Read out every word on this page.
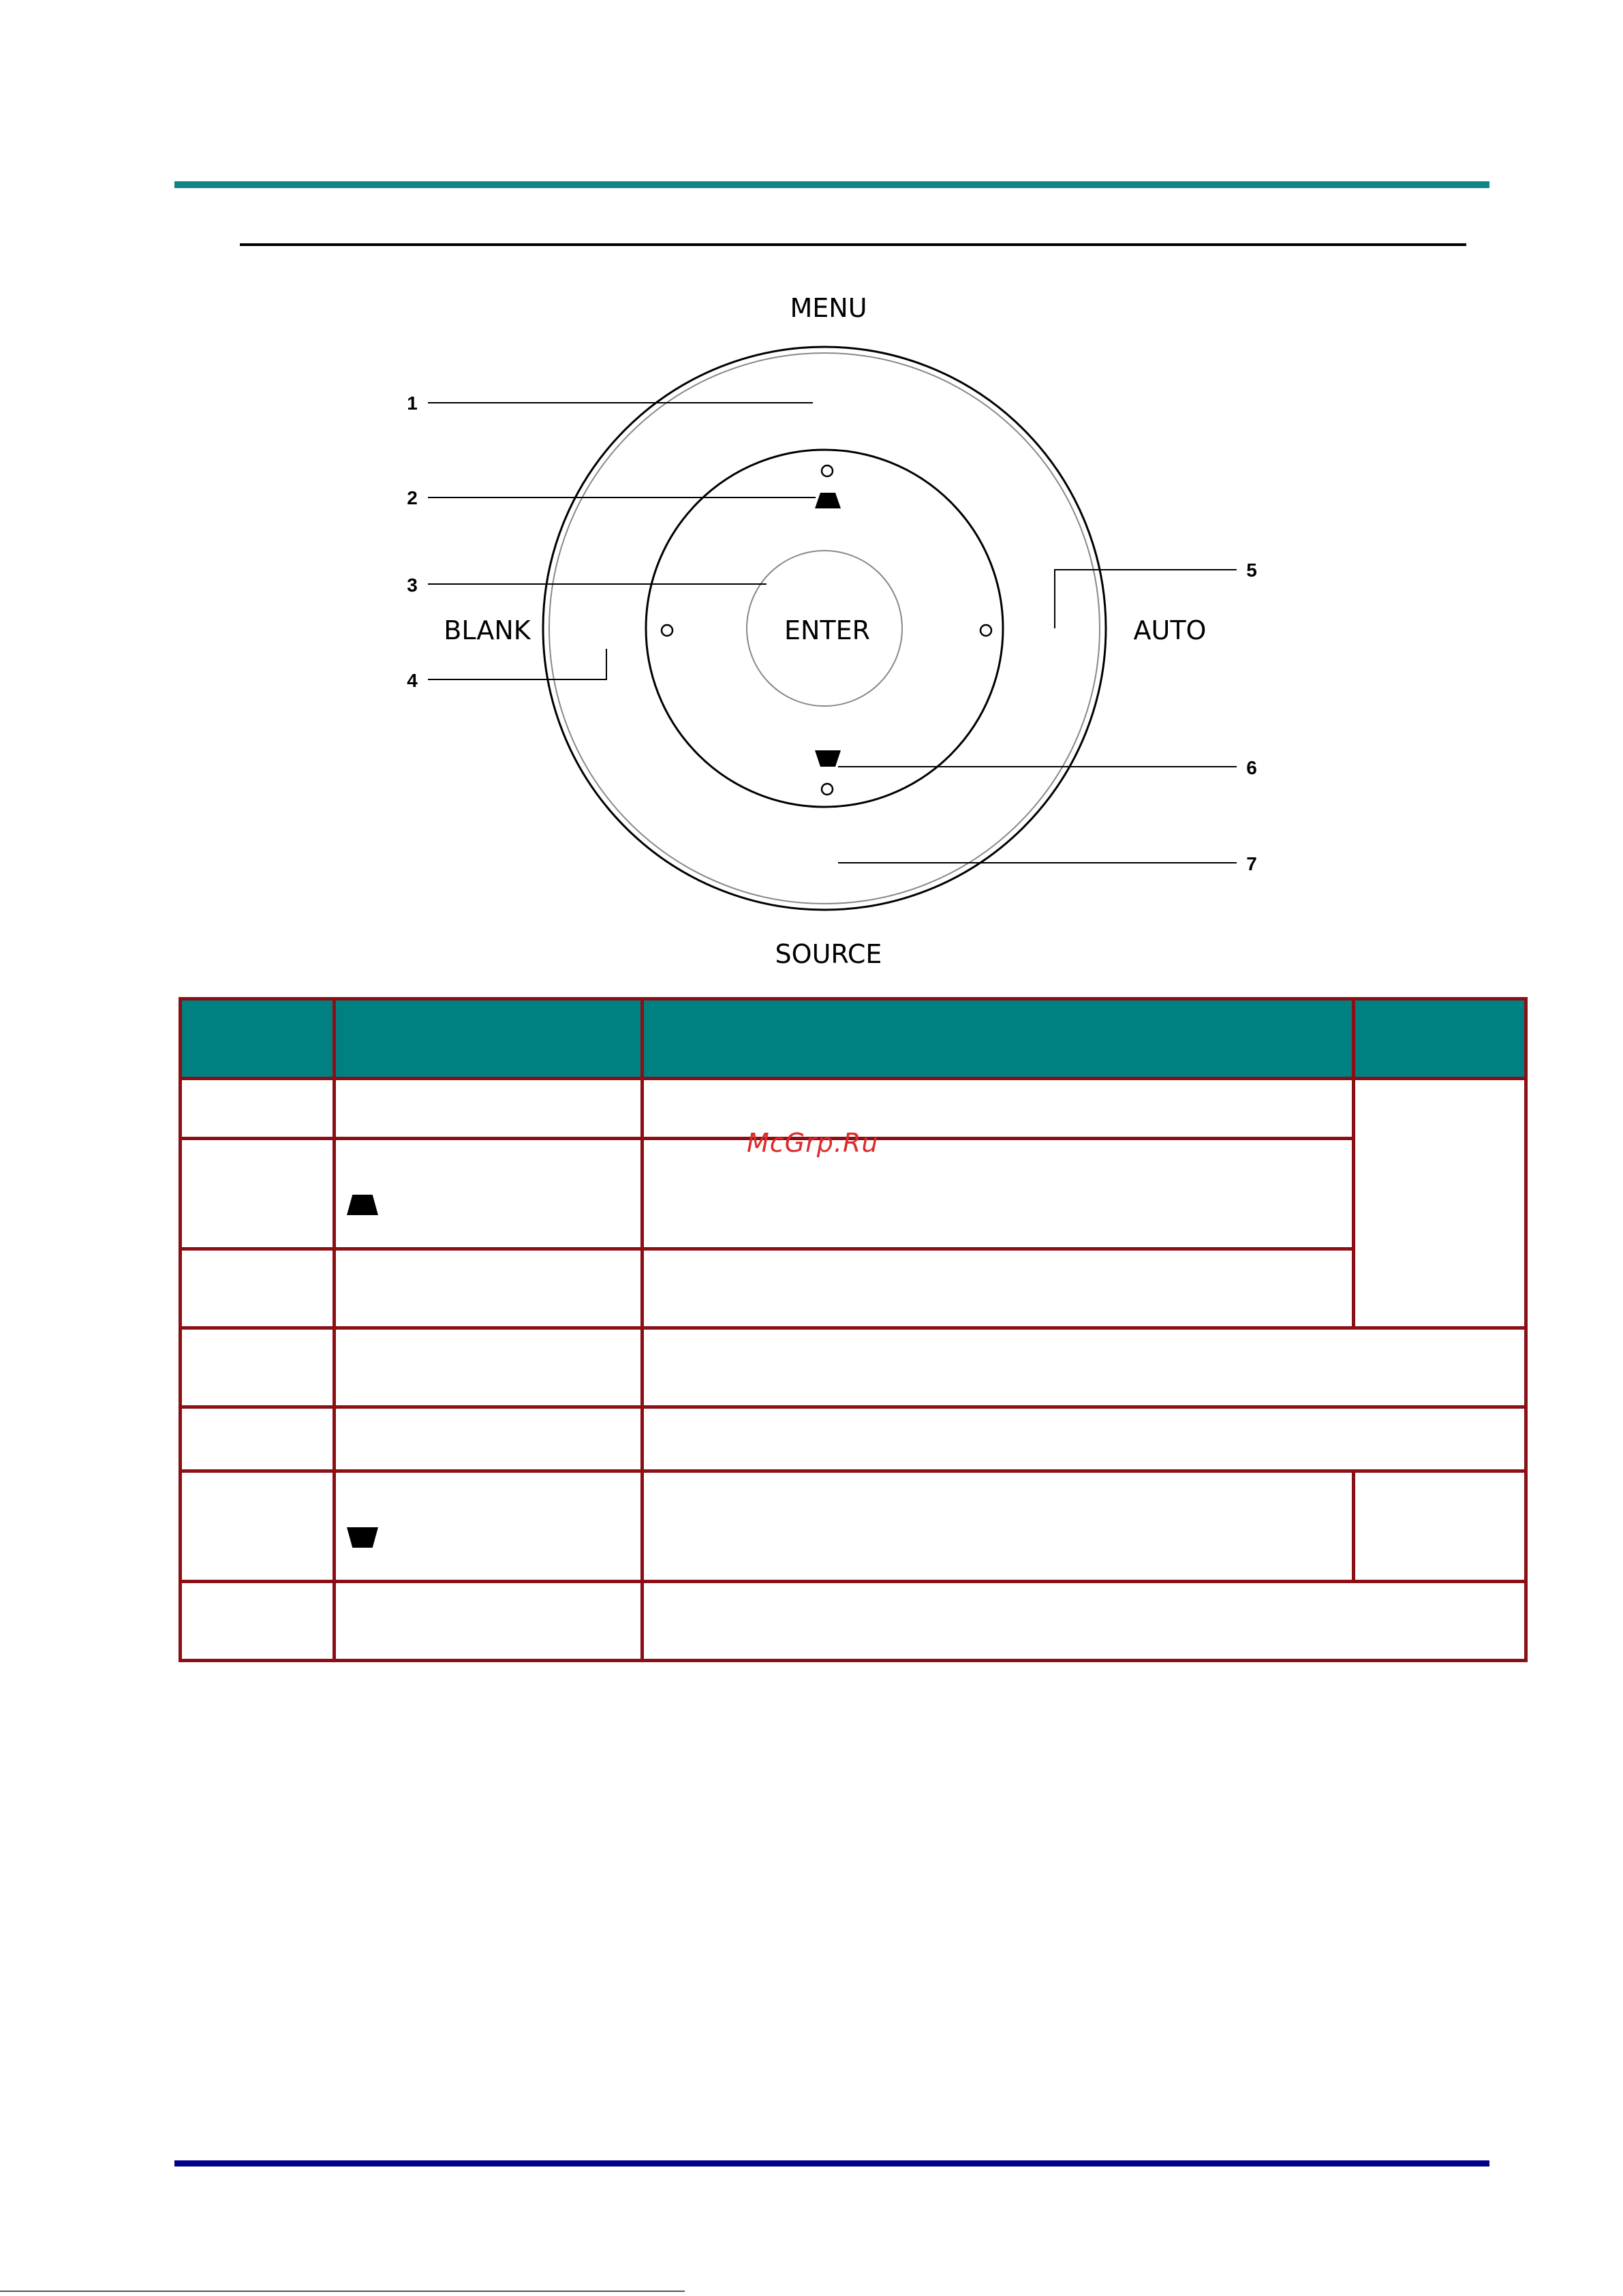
MENU
BLANK	ENTER	AUTO
SOURCE
1
2
3
4
5
6
7

McGrp.Ru
